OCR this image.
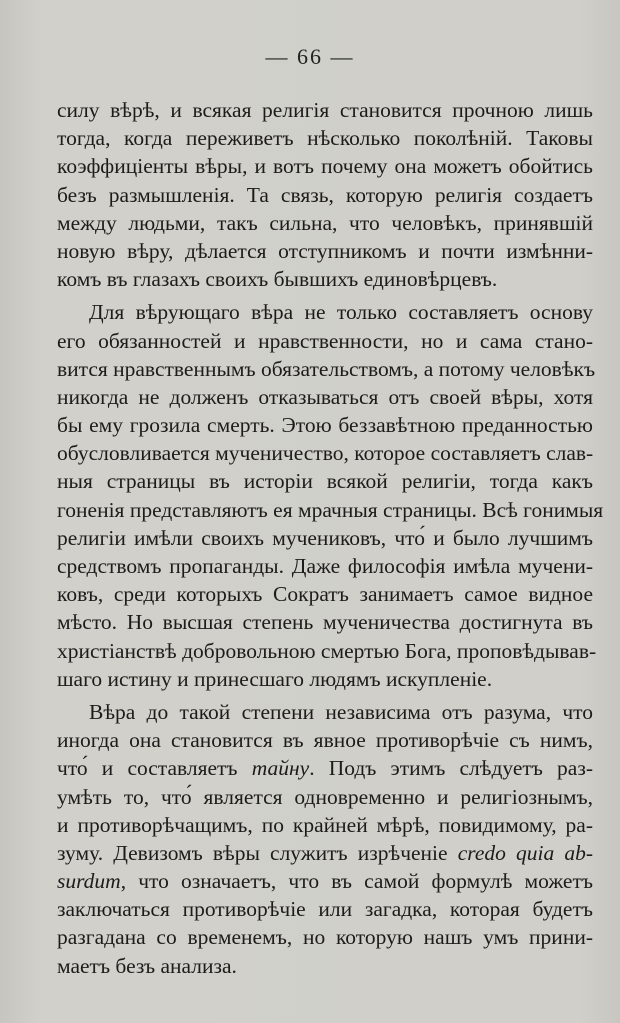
— 66 —
силу вѣрѣ, и всякая религія становится прочною лишь
тогда, когда переживетъ нѣсколько поколѣній. Таковы
коэффиціенты вѣры, и вотъ почему она можетъ обойтись
безъ размышленія. Та связь, которую религія создаетъ
между людьми, такъ сильна, что человѣкъ, принявшій
новую вѣру, дѣлается отступникомъ и почти измѣнни-
комъ въ глазахъ своихъ бывшихъ единовѣрцевъ.
Для вѣрующаго вѣра не только составляетъ основу
его обязанностей и нравственности, но и сама стано-
вится нравственнымъ обязательствомъ, а потому человѣкъ
никогда не долженъ отказываться отъ своей вѣры, хотя
бы ему грозила смерть. Этою беззавѣтною преданностью
обусловливается мученичество, которое составляетъ слав-
ныя страницы въ исторіи всякой религіи, тогда какъ
гоненія представляютъ ея мрачныя страницы. Всѣ гонимыя
религіи имѣли своихъ мучениковъ, что́ и было лучшимъ
средствомъ пропаганды. Даже философія имѣла мучени-
ковъ, среди которыхъ Сократъ занимаетъ самое видное
мѣсто. Но высшая степень мученичества достигнута въ
христіанствѣ добровольною смертью Бога, проповѣдывав-
шаго истину и принесшаго людямъ искупленіе.
Вѣра до такой степени независима отъ разума, что
иногда она становится въ явное противорѣчіе съ нимъ,
что́ и составляетъ тайну. Подъ этимъ слѣдуетъ раз-
умѣть то, что́ является одновременно и религіознымъ,
и противорѣчащимъ, по крайней мѣрѣ, повидимому, ра-
зуму. Девизомъ вѣры служитъ изрѣченіе credo quia ab-
surdum, что означаетъ, что въ самой формулѣ можетъ
заключаться противорѣчіе или загадка, которая будетъ
разгадана со временемъ, но которую нашъ умъ прини-
маетъ безъ анализа.
